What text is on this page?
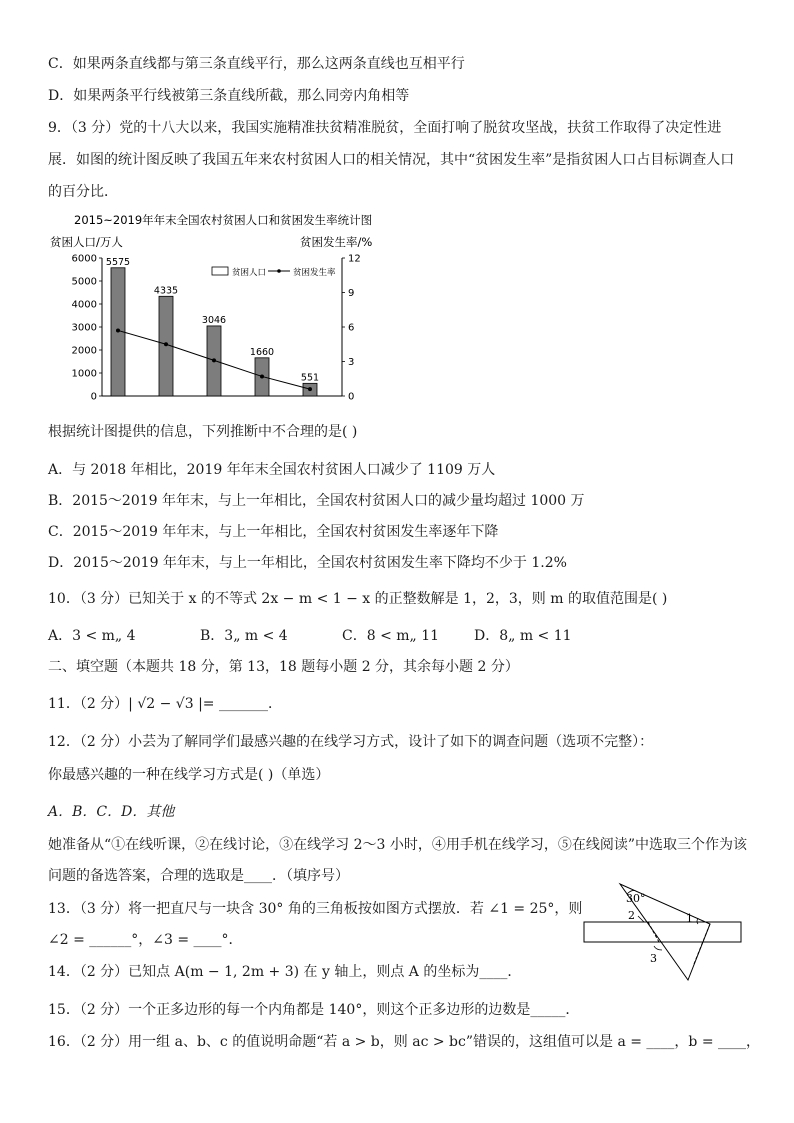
C．如果两条直线都与第三条直线平行，那么这两条直线也互相平行
D．如果两条平行线被第三条直线所截，那么同旁内角相等
9．（3 分）党的十八大以来，我国实施精准扶贫精准脱贫，全面打响了脱贫攻坚战，扶贫工作取得了决定性进
展．如图的统计图反映了我国五年来农村贫困人口的相关情况，其中“贫困发生率”是指贫困人口占目标调查人口
的百分比．
2015~2019年年末全国农村贫困人口和贫困发生率统计图
贫困人口/万人	贫困发生率/%
0
1000
2000
3000
4000
5000
6000
0
3
6
9
12
5575
4335
3046
1660
551
贫困人口	贫困发生率
根据统计图提供的信息，下列推断中不合理的是( )
A．与 2018 年相比，2019 年年末全国农村贫困人口减少了 1109 万人
B．2015～2019 年年末，与上一年相比，全国农村贫困人口的减少量均超过 1000 万
C．2015～2019 年年末，与上一年相比，全国农村贫困发生率逐年下降
D．2015～2019 年年末，与上一年相比，全国农村贫困发生率下降均不少于 1.2%
10．（3 分）已知关于 x 的不等式 2x − m < 1 − x 的正整数解是 1，2，3，则 m 的取值范围是( )
A．3 < m„ 4	B．3„ m < 4	C．8 < m„ 11 D．8„ m < 11
二、填空题（本题共 18 分，第 13，18 题每小题 2 分，其余每小题 2 分）
11．（2 分）| √2 − √3 |= _______．
12．（2 分）小芸为了解同学们最感兴趣的在线学习方式，设计了如下的调查问题（选项不完整）：
你最感兴趣的一种在线学习方式是( )（单选）
A．B．C．D．其他
她准备从“①在线听课，②在线讨论，③在线学习 2～3 小时，④用手机在线学习，⑤在线阅读”中选取三个作为该
问题的备选答案，合理的选取是____．（填序号）
13．（3 分）将一把直尺与一块含 30° 角的三角板按如图方式摆放．若 ∠1 = 25°，则
∠2 = ______°，∠3 = ____°．
30°
1
2
3
14．（2 分）已知点 A(m − 1, 2m + 3) 在 y 轴上，则点 A 的坐标为____．
15．（2 分）一个正多边形的每一个内角都是 140°，则这个正多边形的边数是_____．
16．（2 分）用一组 a、b、c 的值说明命题“若 a > b，则 ac > bc”错误的，这组值可以是 a = ____，b = ____，
